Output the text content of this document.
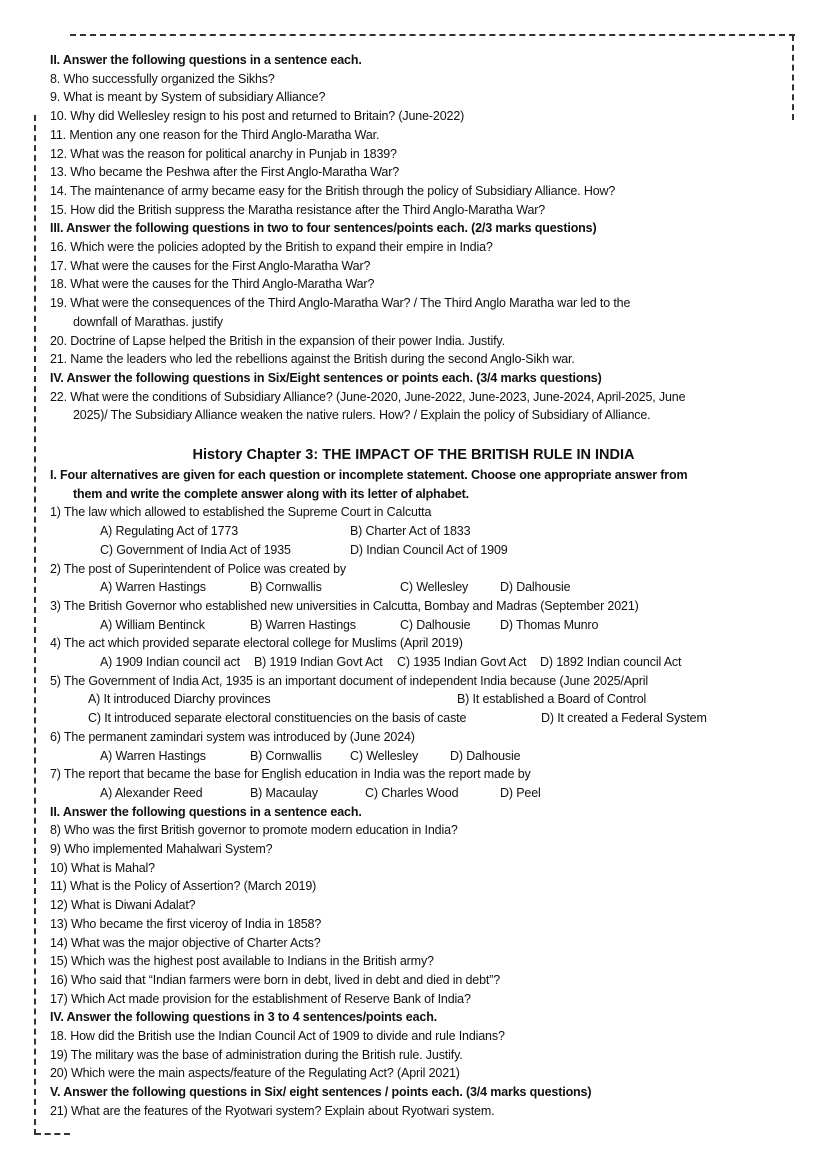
II. Answer the following questions in a sentence each.
8. Who successfully organized the Sikhs?
9. What is meant by System of subsidiary Alliance?
10. Why did Wellesley resign to his post and returned to Britain? (June-2022)
11. Mention any one reason for the Third Anglo-Maratha War.
12. What was the reason for political anarchy in Punjab in 1839?
13. Who became the Peshwa after the First Anglo-Maratha War?
14. The maintenance of army became easy for the British through the policy of Subsidiary Alliance. How?
15. How did the British suppress the Maratha resistance after the Third Anglo-Maratha War?
III. Answer the following questions in two to four sentences/points each. (2/3 marks questions)
16. Which were the policies adopted by the British to expand their empire in India?
17. What were the causes for the First Anglo-Maratha War?
18. What were the causes for the Third Anglo-Maratha War?
19. What were the consequences of the Third Anglo-Maratha War? / The Third Anglo Maratha war led to the
downfall of Marathas. justify
20. Doctrine of Lapse helped the British in the expansion of their power India. Justify.
21. Name the leaders who led the rebellions against the British during the second Anglo-Sikh war.
IV. Answer the following questions in Six/Eight sentences or points each. (3/4 marks questions)
22. What were the conditions of Subsidiary Alliance? (June-2020, June-2022, June-2023, June-2024, April-2025, June
2025)/ The Subsidiary Alliance weaken the native rulers. How? / Explain the policy of Subsidiary of Alliance.
History Chapter 3: THE IMPACT OF THE BRITISH RULE IN INDIA
I. Four alternatives are given for each question or incomplete statement. Choose one appropriate answer from
them and write the complete answer along with its letter of alphabet.
1) The law which allowed to established the Supreme Court in Calcutta
A) Regulating Act of 1773	B) Charter Act of 1833
C) Government of India Act of 1935	D) Indian Council Act of 1909
2) The post of Superintendent of Police was created by
A) Warren Hastings	B) Cornwallis	C) Wellesley	D) Dalhousie
3) The British Governor who established new universities in Calcutta, Bombay and Madras (September 2021)
A) William Bentinck	B) Warren Hastings	C) Dalhousie D) Thomas Munro
4) The act which provided separate electoral college for Muslims (April 2019)
A) 1909 Indian council act B) 1919 Indian Govt Act C) 1935 Indian Govt Act D) 1892 Indian council Act
5) The Government of India Act, 1935 is an important document of independent India because (June 2025/April
A) It introduced Diarchy provinces	B) It established a Board of Control
C) It introduced separate electoral constituencies on the basis of caste	D) It created a Federal System
6) The permanent zamindari system was introduced by (June 2024)
A) Warren Hastings	B) Cornwallis C) Wellesley	D) Dalhousie
7) The report that became the base for English education in India was the report made by
A) Alexander Reed	B) Macaulay	C) Charles Wood	D) Peel
II. Answer the following questions in a sentence each.
8) Who was the first British governor to promote modern education in India?
9) Who implemented Mahalwari System?
10) What is Mahal?
11) What is the Policy of Assertion? (March 2019)
12) What is Diwani Adalat?
13) Who became the first viceroy of India in 1858?
14) What was the major objective of Charter Acts?
15) Which was the highest post available to Indians in the British army?
16) Who said that “Indian farmers were born in debt, lived in debt and died in debt”?
17) Which Act made provision for the establishment of Reserve Bank of India?
IV. Answer the following questions in 3 to 4 sentences/points each.
18. How did the British use the Indian Council Act of 1909 to divide and rule Indians?
19) The military was the base of administration during the British rule. Justify.
20) Which were the main aspects/feature of the Regulating Act? (April 2021)
V. Answer the following questions in Six/ eight sentences / points each. (3/4 marks questions)
21) What are the features of the Ryotwari system? Explain about Ryotwari system.
